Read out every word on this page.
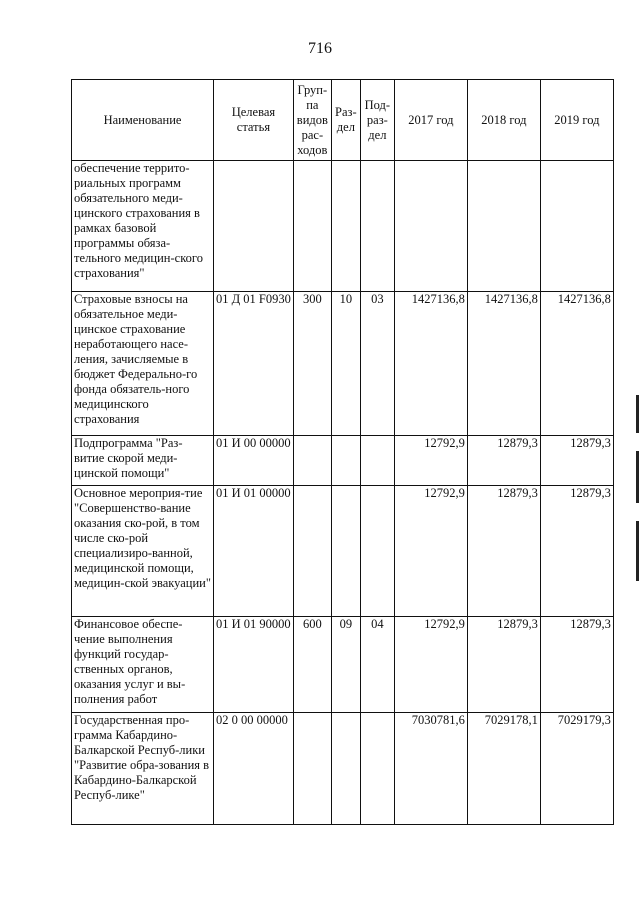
716
Наименование	Целевая статья	Груп-па видов рас-ходов	Раз-дел	Под-раз-дел	2017 год	2018 год	2019 год
обеспечение террито-риальных программ обязательного меди-цинского страхования в рамках базовой программы обяза-тельного медицин-ского страхования"							
Страховые взносы на обязательное меди-цинское страхование неработающего насе-ления, зачисляемые в бюджет Федерально-го фонда обязатель-ного медицинского страхования	01 Д 01 F0930	300	10	03	1427136,8	1427136,8	1427136,8
Подпрограмма "Раз-витие скорой меди-цинской помощи"	01 И 00 00000				12792,9	12879,3	12879,3
Основное мероприя-тие "Совершенство-вание оказания ско-рой, в том числе ско-рой специализиро-ванной, медицинской помощи, медицин-ской эвакуации"	01 И 01 00000				12792,9	12879,3	12879,3
Финансовое обеспе-чение выполнения функций государ-ственных органов, оказания услуг и вы-полнения работ	01 И 01 90000	600	09	04	12792,9	12879,3	12879,3
Государственная про-грамма Кабардино-Балкарской Респуб-лики "Развитие обра-зования в Кабардино-Балкарской Респуб-лике"	02 0 00 00000				7030781,6	7029178,1	7029179,3
